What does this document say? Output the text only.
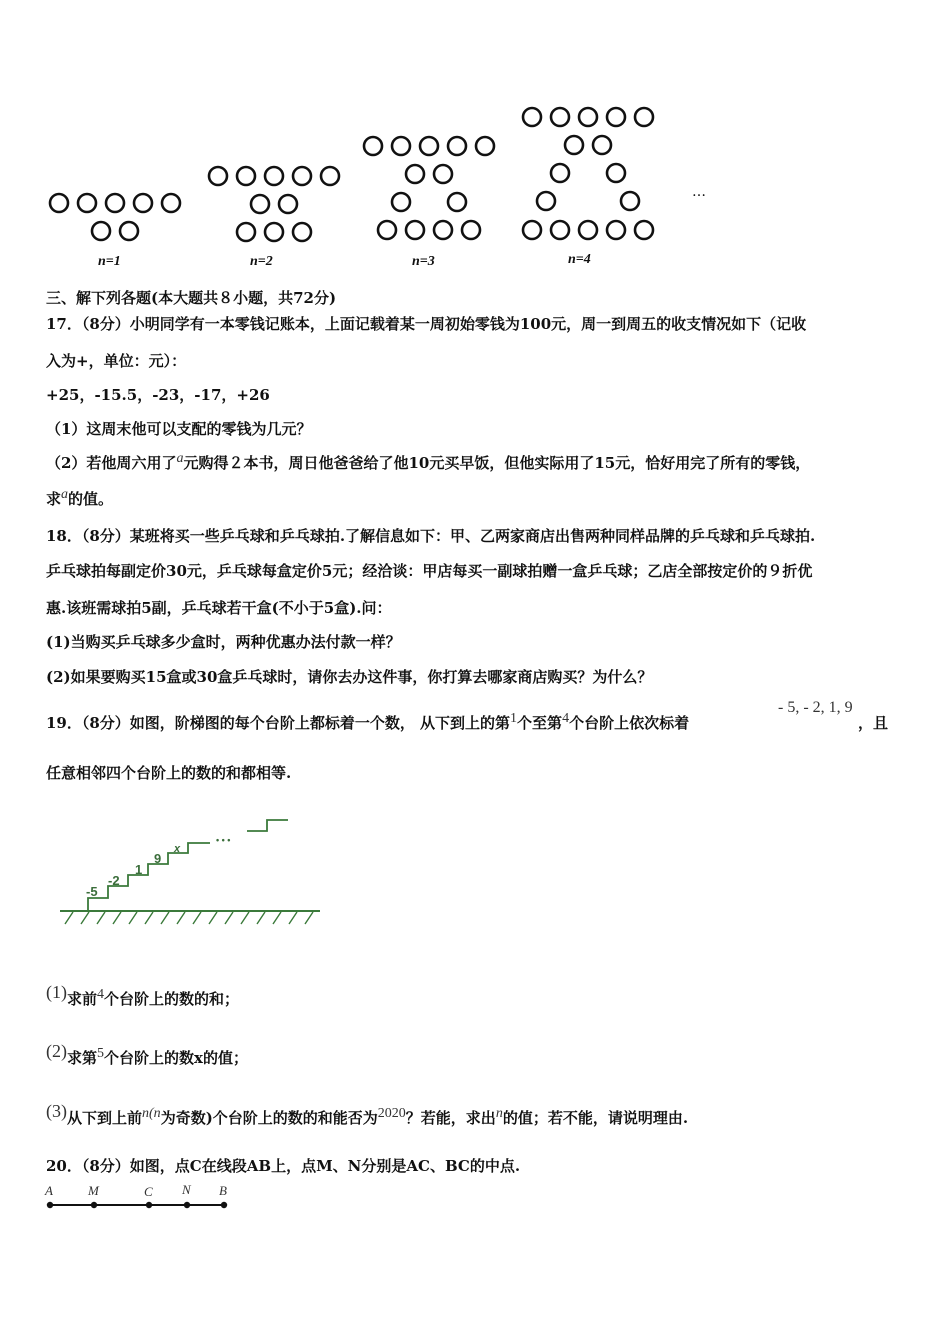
n=1	n=2	n=3	n=4
…
三、解下列各题(本大题共８小题，共72分)
17．（8分）小明同学有一本零钱记账本，上面记载着某一周初始零钱为100元，周一到周五的收支情况如下（记收
入为+，单位：元）：
+25，-15.5，-23，-17，+26
（1）这周末他可以支配的零钱为几元？
（2）若他周六用了a元购得２本书，周日他爸爸给了他10元买早饭，但他实际用了15元，恰好用完了所有的零钱，
求a的值。
18．（8分）某班将买一些乒乓球和乒乓球拍.了解信息如下：甲、乙两家商店出售两种同样品牌的乒乓球和乒乓球拍.
乒乓球拍每副定价30元，乒乓球每盒定价5元；经洽谈：甲店每买一副球拍赠一盒乒乓球；乙店全部按定价的９折优
惠.该班需球拍5副，乒乓球若干盒(不小于5盒).问：
(1)当购买乒乓球多少盒时，两种优惠办法付款一样？
(2)如果要购买15盒或30盒乒乓球时，请你去办这件事，你打算去哪家商店购买？为什么？
19．（8分）如图，阶梯图的每个台阶上都标着一个数， 从下到上的第1个至第4个台阶上依次标着
- 5, - 2, 1, 9
，且
任意相邻四个台阶上的数的和都相等.
-5
-2
1
9
x
• • •
(1)求前4个台阶上的数的和；
(2)求第5个台阶上的数x的值；
(3)从下到上前n(n为奇数)个台阶上的数的和能否为2020？若能，求出n的值；若不能，请说明理由.
20．（8分）如图，点C在线段AB上，点M、N分别是AC、BC的中点.
A	M	C N B
